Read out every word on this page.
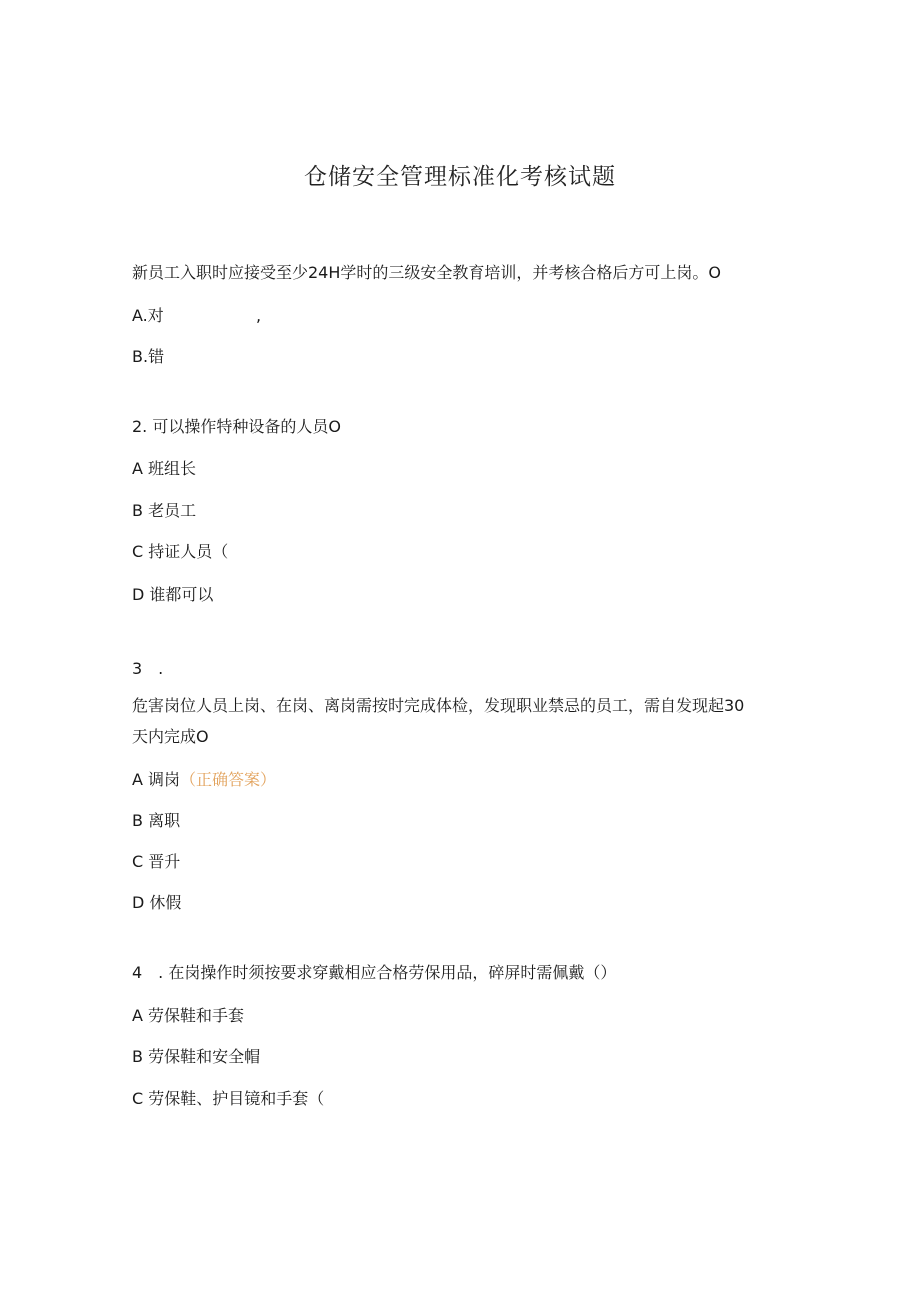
仓储安全管理标准化考核试题
新员工入职时应接受至少24H学时的三级安全教育培训，并考核合格后方可上岗。O
A.对	,
B.错
2. 可以操作特种设备的人员O
A 班组长
B 老员工
C 持证人员（
D 谁都可以
3　.
危害岗位人员上岗、在岗、离岗需按时完成体检，发现职业禁忌的员工，需自发现起30
天内完成O
A 调岗（正确答案）
B 离职
C 晋升
D 休假
4　. 在岗操作时须按要求穿戴相应合格劳保用品，碎屏时需佩戴（）
A 劳保鞋和手套
B 劳保鞋和安全帽
C 劳保鞋、护目镜和手套（
